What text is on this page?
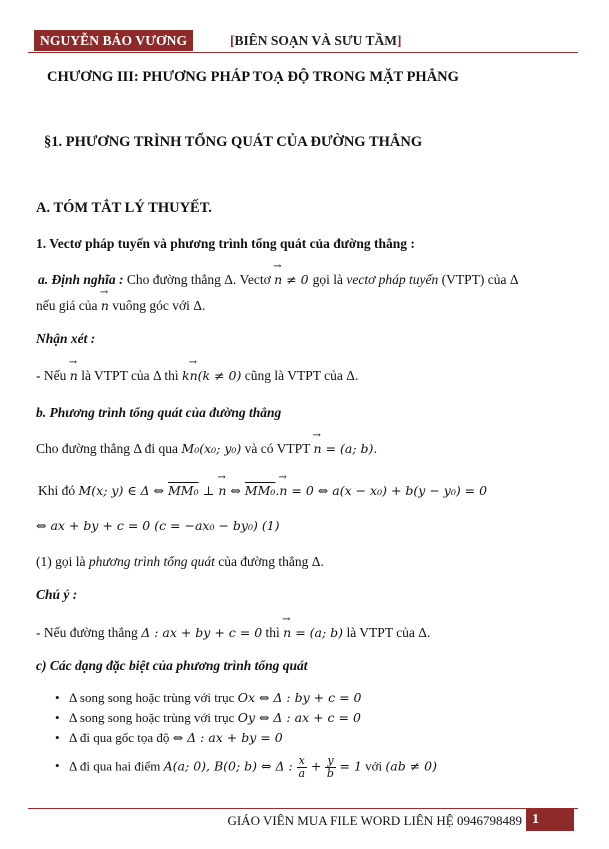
NGUYỄN BẢO VƯƠNG	[BIÊN SOẠN VÀ SƯU TẦM]
CHƯƠNG III: PHƯƠNG PHÁP TOẠ ĐỘ TRONG MẶT PHẲNG
§1. PHƯƠNG TRÌNH TỔNG QUÁT CỦA ĐƯỜNG THẲNG
A. TÓM TẮT LÝ THUYẾT.
1. Vectơ pháp tuyến và phương trình tổng quát của đường thẳng :
a. Định nghĩa : Cho đường thẳng Δ. Vectơ → n ≠ 0 gọi là vectơ pháp tuyến (VTPT) của Δ
nếu giá của → n vuông góc với Δ.
Nhận xét :
- Nếu → n là VTPT của Δ thì k→ n(k ≠ 0) cũng là VTPT của Δ.
b. Phương trình tổng quát của đường thẳng
Cho đường thẳng Δ đi qua M₀(x₀; y₀) và có VTPT → n = (a; b).
Khi đó M(x; y) ∈ Δ ⇔ MM₀ ⊥ → n ⇔ MM₀.→ n = 0 ⇔ a(x − x₀) + b(y − y₀) = 0
⇔ ax + by + c = 0 (c = −ax₀ − by₀) (1)
(1) gọi là phương trình tổng quát của đường thẳng Δ.
Chú ý :
- Nếu đường thẳng Δ : ax + by + c = 0 thì → n = (a; b) là VTPT của Δ.
c) Các dạng đặc biệt của phương trình tổng quát
• Δ song song hoặc trùng với trục Ox ⇔ Δ : by + c = 0
• Δ song song hoặc trùng với trục Oy ⇔ Δ : ax + c = 0
• Δ đi qua gốc tọa độ ⇔ Δ : ax + by = 0
• Δ đi qua hai điểm A(a; 0), B(0; b) ⇔ Δ : $\frac{x}{a} + \frac{y}{b} = 1$ với (ab ≠ 0)
GIÁO VIÊN MUA FILE WORD LIÊN HỆ 0946798489 1
